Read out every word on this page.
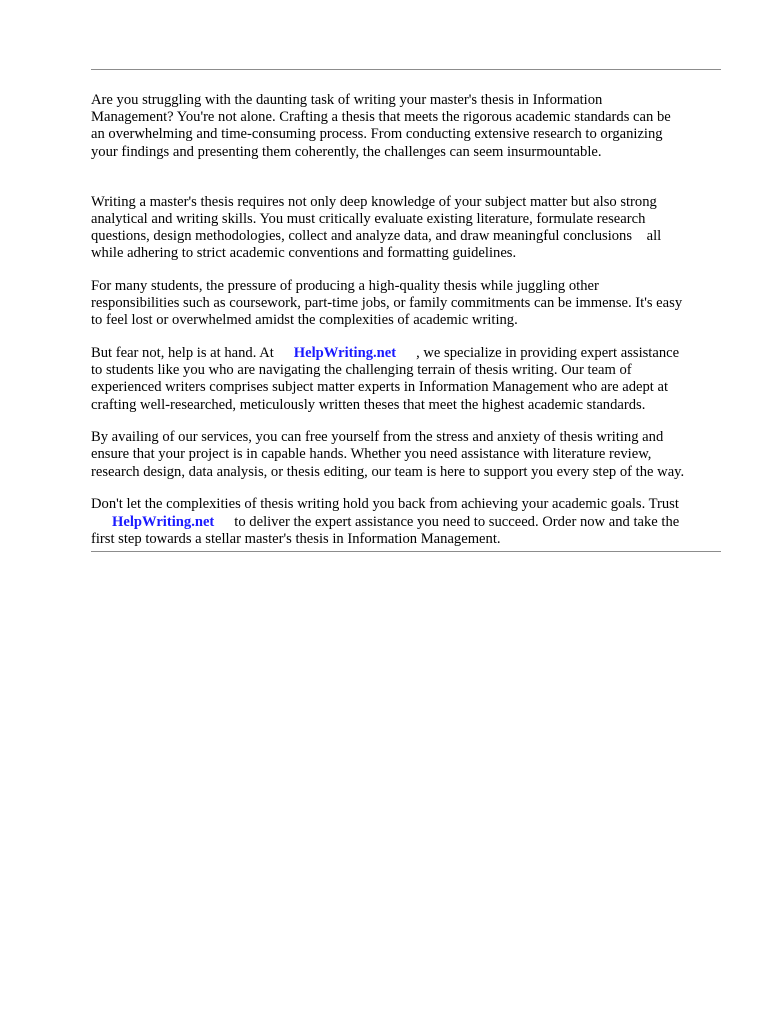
Are you struggling with the daunting task of writing your master's thesis in Information
Management? You're not alone. Crafting a thesis that meets the rigorous academic standards can be
an overwhelming and time-consuming process. From conducting extensive research to organizing
your findings and presenting them coherently, the challenges can seem insurmountable.

Writing a master's thesis requires not only deep knowledge of your subject matter but also strong
analytical and writing skills. You must critically evaluate existing literature, formulate research
questions, design methodologies, collect and analyze data, and draw meaningful conclusions    all
while adhering to strict academic conventions and formatting guidelines.

For many students, the pressure of producing a high-quality thesis while juggling other
responsibilities such as coursework, part-time jobs, or family commitments can be immense. It's easy
to feel lost or overwhelmed amidst the complexities of academic writing.

But fear not, help is at hand. At HelpWriting.net , we specialize in providing expert assistance
to students like you who are navigating the challenging terrain of thesis writing. Our team of
experienced writers comprises subject matter experts in Information Management who are adept at
crafting well-researched, meticulously written theses that meet the highest academic standards.

By availing of our services, you can free yourself from the stress and anxiety of thesis writing and
ensure that your project is in capable hands. Whether you need assistance with literature review,
research design, data analysis, or thesis editing, our team is here to support you every step of the way.

Don't let the complexities of thesis writing hold you back from achieving your academic goals. Trust
HelpWriting.net to deliver the expert assistance you need to succeed. Order now and take the
first step towards a stellar master's thesis in Information Management.
